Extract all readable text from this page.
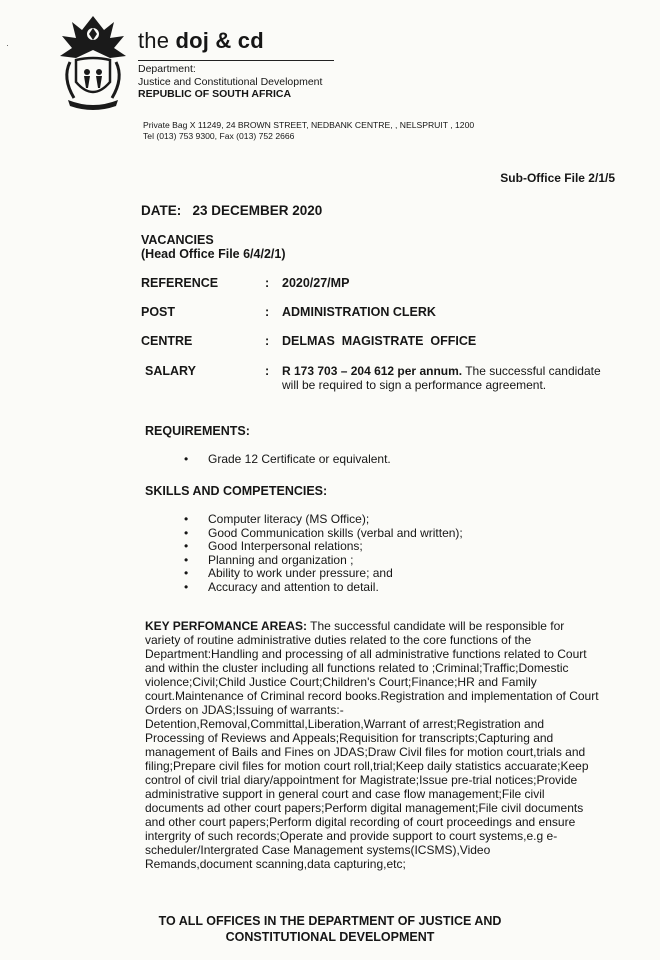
the doj & cd
Department:
Justice and Constitutional Development
REPUBLIC OF SOUTH AFRICA
Private Bag X 11249, 24 BROWN STREET, NEDBANK CENTRE, , NELSPRUIT , 1200
Tel (013) 753 9300, Fax (013) 752 2666
Sub-Office File 2/1/5
DATE:   23 DECEMBER 2020
VACANCIES
(Head Office File 6/4/2/1)
REFERENCE	: 2020/27/MP
POST	: ADMINISTRATION CLERK
CENTRE	: DELMAS  MAGISTRATE  OFFICE
SALARY	: R 173 703 – 204 612 per annum. The successful candidate will be required to sign a performance agreement.
REQUIREMENTS:
• Grade 12 Certificate or equivalent.
SKILLS AND COMPETENCIES:
• Computer literacy (MS Office);
• Good Communication skills (verbal and written);
• Good Interpersonal relations;
• Planning and organization ;
• Ability to work under pressure; and
• Accuracy and attention to detail.
KEY PERFOMANCE AREAS: The successful candidate will be responsible for variety of routine administrative duties related to the core functions of the Department:Handling and processing of all administrative functions related to Court and within the cluster including all functions related to ;Criminal;Traffic;Domestic violence;Civil;Child Justice Court;Children's Court;Finance;HR and Family court.Maintenance of Criminal record books.Registration and implementation of Court Orders on JDAS;Issuing of warrants:-Detention,Removal,Committal,Liberation,Warrant of arrest;Registration and Processing of Reviews and Appeals;Requisition for transcripts;Capturing and management of Bails and Fines on JDAS;Draw Civil files for motion court,trials and filing;Prepare civil files for motion court roll,trial;Keep daily statistics accuarate;Keep control of civil trial diary/appointment for Magistrate;Issue pre-trial notices;Provide administrative support in general court and case flow management;File civil documents ad other court papers;Perform digital management;File civil documents and other court papers;Perform digital recording of court proceedings and ensure intergrity of such records;Operate and provide support to court systems,e.g e-scheduler/Intergrated Case Management systems(ICSMS),Video Remands,document scanning,data capturing,etc;
TO ALL OFFICES IN THE DEPARTMENT OF JUSTICE AND
CONSTITUTIONAL DEVELOPMENT
·
